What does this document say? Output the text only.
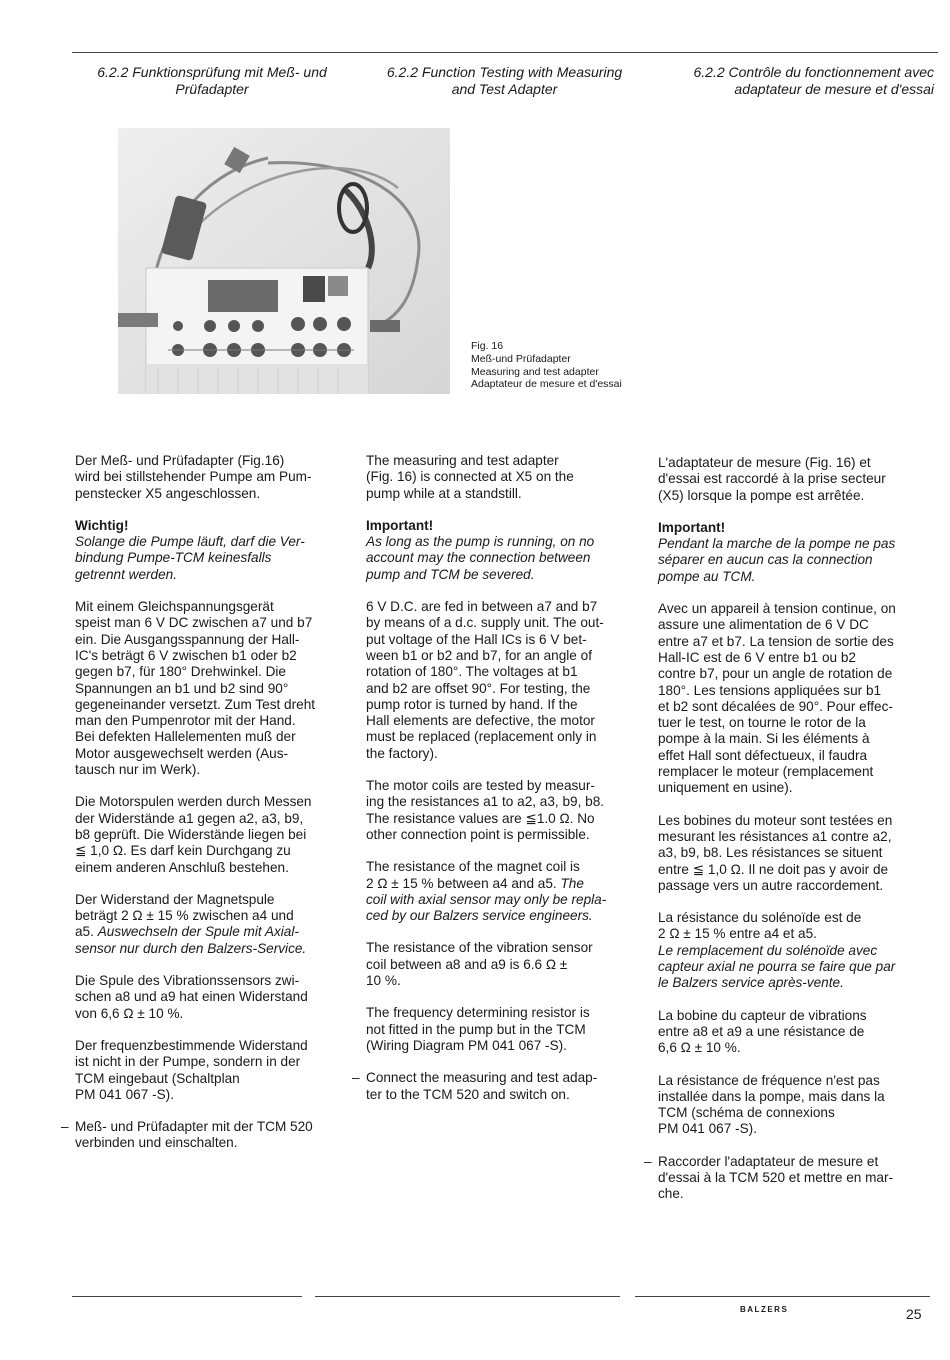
6.2.2 Funktionsprüfung mit Meß- und
Prüfadapter
6.2.2 Function Testing with Measuring
and Test Adapter
6.2.2 Contrôle du fonctionnement avec
adaptateur de mesure et d'essai

Fig. 16

Meß-und Prüfadapter

Measuring and test adapter

Adaptateur de mesure et d'essai

Der Meß- und Prüfadapter (Fig.16)
wird bei stillstehender Pumpe am Pum-
penstecker X5 angeschlossen.

Wichtig!

Solange die Pumpe läuft, darf die Ver-
bindung Pumpe-TCM keinesfalls
getrennt werden.

Mit einem Gleichspannungsgerät
speist man 6 V DC zwischen a7 und b7
ein. Die Ausgangsspannung der Hall-
IC's beträgt 6 V zwischen b1 oder b2
gegen b7, für 180° Drehwinkel. Die
Spannungen an b1 und b2 sind 90°
gegeneinander versetzt. Zum Test dreht
man den Pumpenrotor mit der Hand.
Bei defekten Hallelementen muß der
Motor ausgewechselt werden (Aus-
tausch nur im Werk).

Die Motorspulen werden durch Messen
der Widerstände a1 gegen a2, a3, b9,
b8 geprüft. Die Widerstände liegen bei
≦ 1,0 Ω. Es darf kein Durchgang zu
einem anderen Anschluß bestehen.

Der Widerstand der Magnetspule
beträgt 2 Ω ± 15 % zwischen a4 und
a5. Auswechseln der Spule mit Axial-
sensor nur durch den Balzers-Service.

Die Spule des Vibrationssensors zwi-
schen a8 und a9 hat einen Widerstand
von 6,6 Ω ± 10 %.

Der frequenzbestimmende Widerstand
ist nicht in der Pumpe, sondern in der
TCM eingebaut (Schaltplan
PM 041 067 -S).

– Meß- und Prüfadapter mit der TCM 520
verbinden und einschalten.

The measuring and test adapter
(Fig. 16) is connected at X5 on the
pump while at a standstill.

Important!

As long as the pump is running, on no
account may the connection between
pump and TCM be severed.

6 V D.C. are fed in between a7 and b7
by means of a d.c. supply unit. The out-
put voltage of the Hall ICs is 6 V bet-
ween b1 or b2 and b7, for an angle of
rotation of 180°. The voltages at b1
and b2 are offset 90°. For testing, the
pump rotor is turned by hand. If the
Hall elements are defective, the motor
must be replaced (replacement only in
the factory).

The motor coils are tested by measur-
ing the resistances a1 to a2, a3, b9, b8.
The resistance values are ≦1.0 Ω. No
other connection point is permissible.

The resistance of the magnet coil is
2 Ω ± 15 % between a4 and a5. The
coil with axial sensor may only be repla-
ced by our Balzers service engineers.

The resistance of the vibration sensor
coil between a8 and a9 is 6.6 Ω ±
10 %.

The frequency determining resistor is
not fitted in the pump but in the TCM
(Wiring Diagram PM 041 067 -S).

– Connect the measuring and test adap-
ter to the TCM 520 and switch on.

L'adaptateur de mesure (Fig. 16) et
d'essai est raccordé à la prise secteur
(X5) lorsque la pompe est arrêtée.

Important!

Pendant la marche de la pompe ne pas
séparer en aucun cas la connection
pompe au TCM.

Avec un appareil à tension continue, on
assure une alimentation de 6 V DC
entre a7 et b7. La tension de sortie des
Hall-IC est de 6 V entre b1 ou b2
contre b7, pour un angle de rotation de
180°. Les tensions appliquées sur b1
et b2 sont décalées de 90°. Pour effec-
tuer le test, on tourne le rotor de la
pompe à la main. Si les éléments à
effet Hall sont défectueux, il faudra
remplacer le moteur (remplacement
uniquement en usine).

Les bobines du moteur sont testées en
mesurant les résistances a1 contre a2,
a3, b9, b8. Les résistances se situent
entre ≦ 1,0 Ω. Il ne doit pas y avoir de
passage vers un autre raccordement.

La résistance du solénoïde est de
2 Ω ± 15 % entre a4 et a5.

Le remplacement du solénoïde avec
capteur axial ne pourra se faire que par
le Balzers service après-vente.

La bobine du capteur de vibrations
entre a8 et a9 a une résistance de
6,6 Ω ± 10 %.

La résistance de fréquence n'est pas
installée dans la pompe, mais dans la
TCM (schéma de connexions
PM 041 067 -S).

– Raccorder l'adaptateur de mesure et
d'essai à la TCM 520 et mettre en mar-
che.

BALZERS	25
